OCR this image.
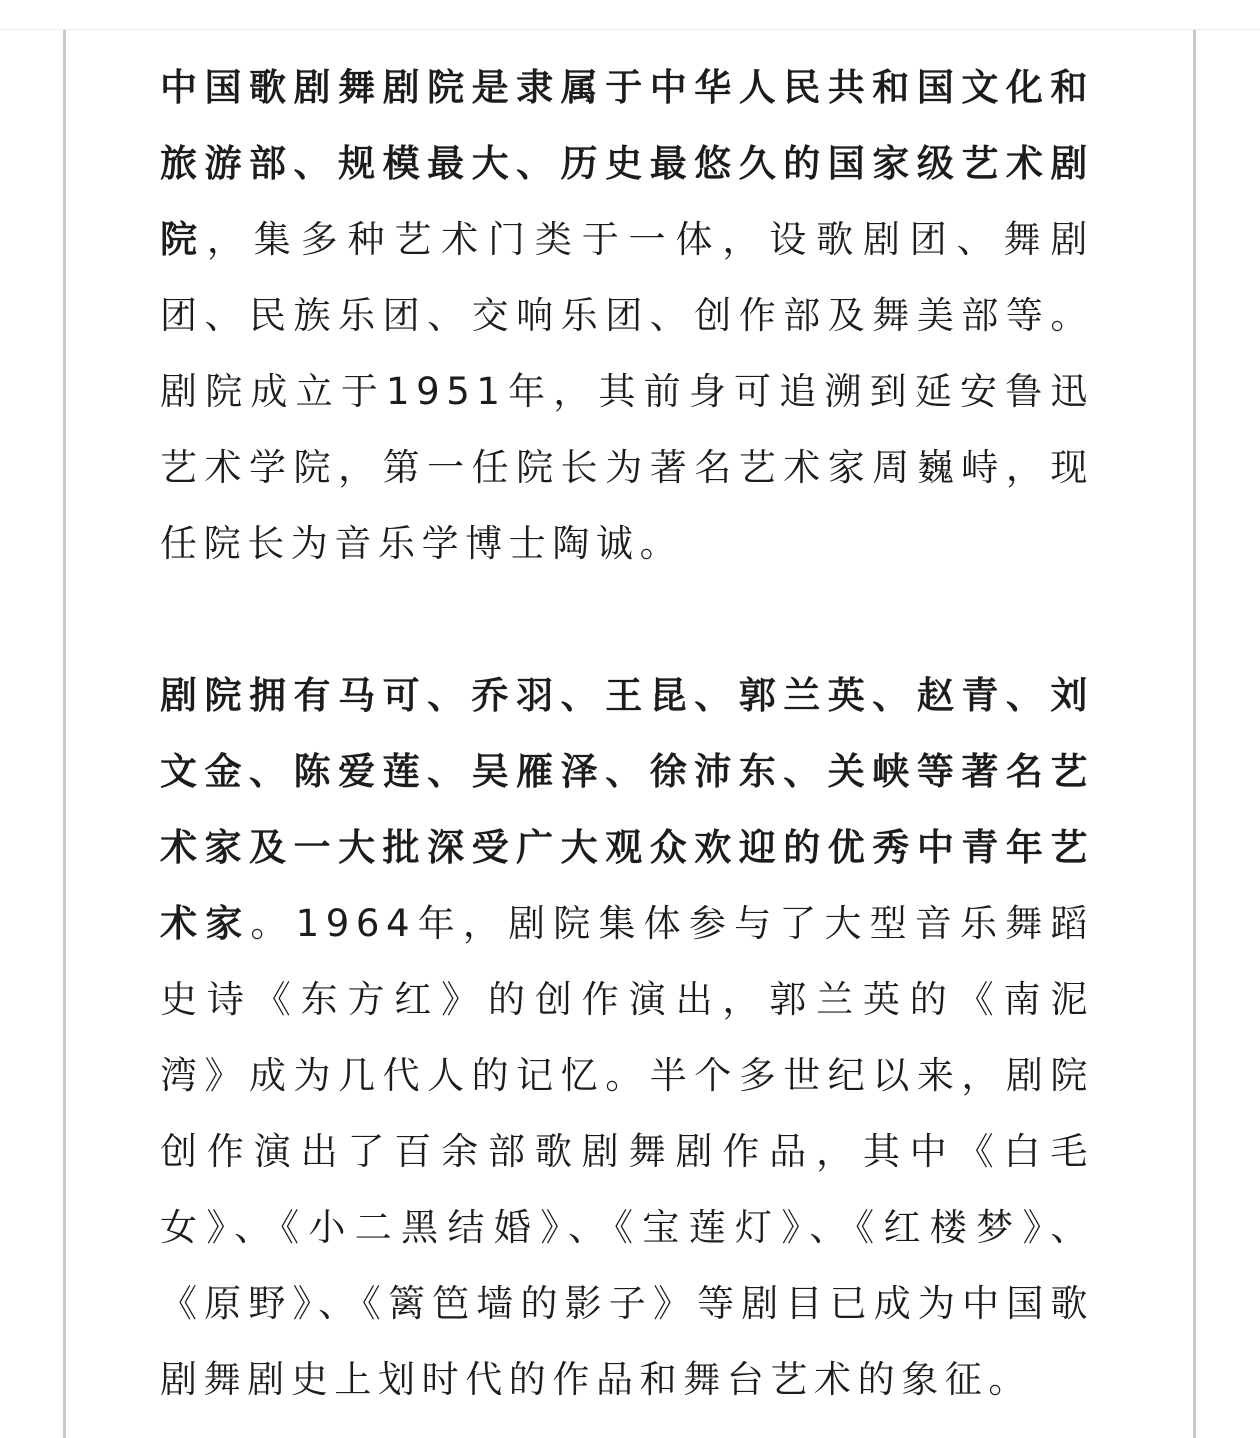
中国歌剧舞剧院是隶属于中华人民共和国文化和旅游部、规模最大、历史最悠久的国家级艺术剧院，集多种艺术门类于一体，设歌剧团、舞剧团、民族乐团、交响乐团、创作部及舞美部等。剧院成立于1951年，其前身可追溯到延安鲁迅艺术学院，第一任院长为著名艺术家周巍峙，现任院长为音乐学博士陶诚。

剧院拥有马可、乔羽、王昆、郭兰英、赵青、刘文金、陈爱莲、吴雁泽、徐沛东、关峡等著名艺术家及一大批深受广大观众欢迎的优秀中青年艺术家。1964年，剧院集体参与了大型音乐舞蹈史诗《东方红》的创作演出，郭兰英的《南泥湾》成为几代人的记忆。半个多世纪以来，剧院创作演出了百余部歌剧舞剧作品，其中《白毛女》、《小二黑结婚》、《宝莲灯》、《红楼梦》、《原野》、《篱笆墙的影子》等剧目已成为中国歌剧舞剧史上划时代的作品和舞台艺术的象征。
